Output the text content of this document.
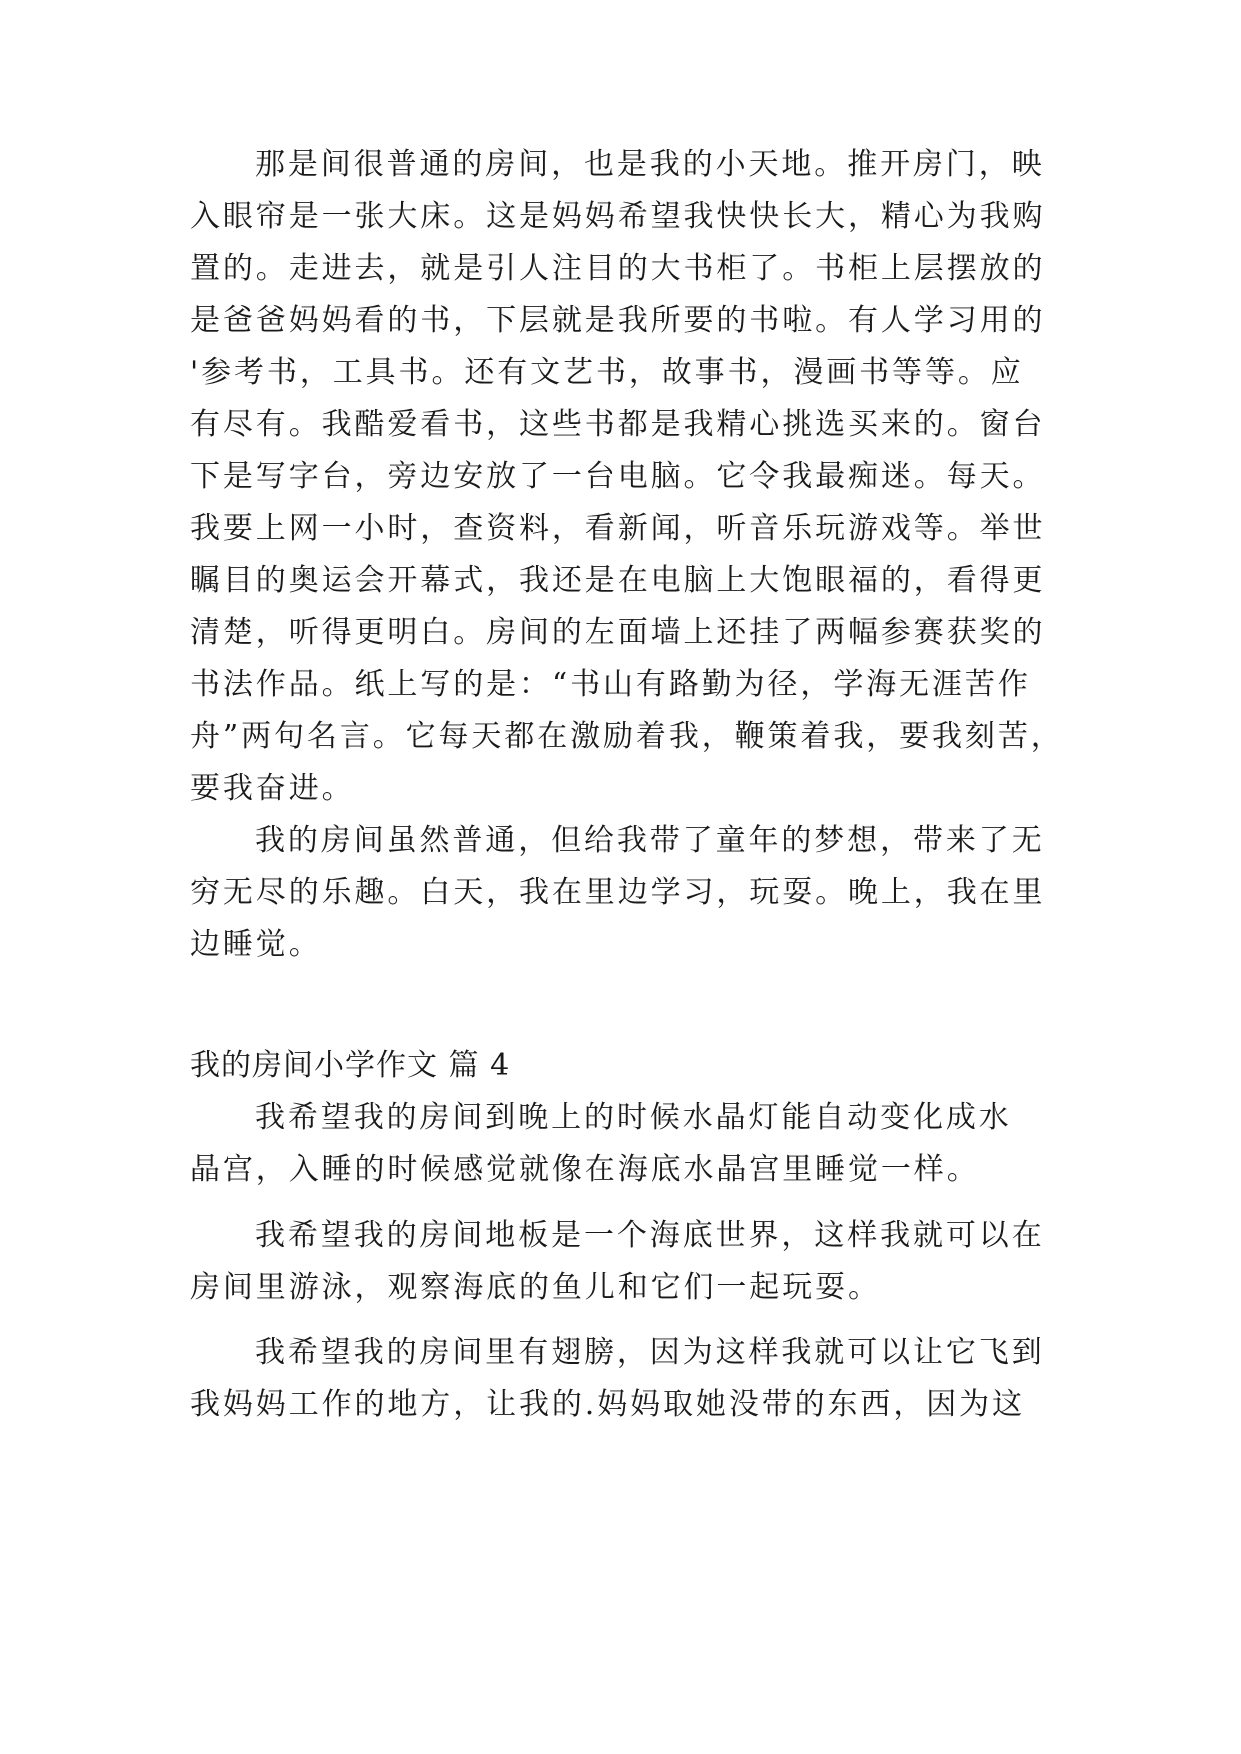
那是间很普通的房间，也是我的小天地。推开房门，映
入眼帘是一张大床。这是妈妈希望我快快长大，精心为我购
置的。走进去，就是引人注目的大书柜了。书柜上层摆放的
是爸爸妈妈看的书，下层就是我所要的书啦。有人学习用的
'参考书，工具书。还有文艺书，故事书，漫画书等等。应
有尽有。我酷爱看书，这些书都是我精心挑选买来的。窗台
下是写字台，旁边安放了一台电脑。它令我最痴迷。每天。
我要上网一小时，查资料，看新闻，听音乐玩游戏等。举世
瞩目的奥运会开幕式，我还是在电脑上大饱眼福的，看得更
清楚，听得更明白。房间的左面墙上还挂了两幅参赛获奖的
书法作品。纸上写的是：“书山有路勤为径，学海无涯苦作
舟”两句名言。它每天都在激励着我，鞭策着我，要我刻苦，
要我奋进。
我的房间虽然普通，但给我带了童年的梦想，带来了无
穷无尽的乐趣。白天，我在里边学习，玩耍。晚上，我在里
边睡觉。
我的房间小学作文 篇 4
我希望我的房间到晚上的时候水晶灯能自动变化成水
晶宫，入睡的时候感觉就像在海底水晶宫里睡觉一样。
我希望我的房间地板是一个海底世界，这样我就可以在
房间里游泳，观察海底的鱼儿和它们一起玩耍。
我希望我的房间里有翅膀，因为这样我就可以让它飞到
我妈妈工作的地方，让我的.妈妈取她没带的东西，因为这
